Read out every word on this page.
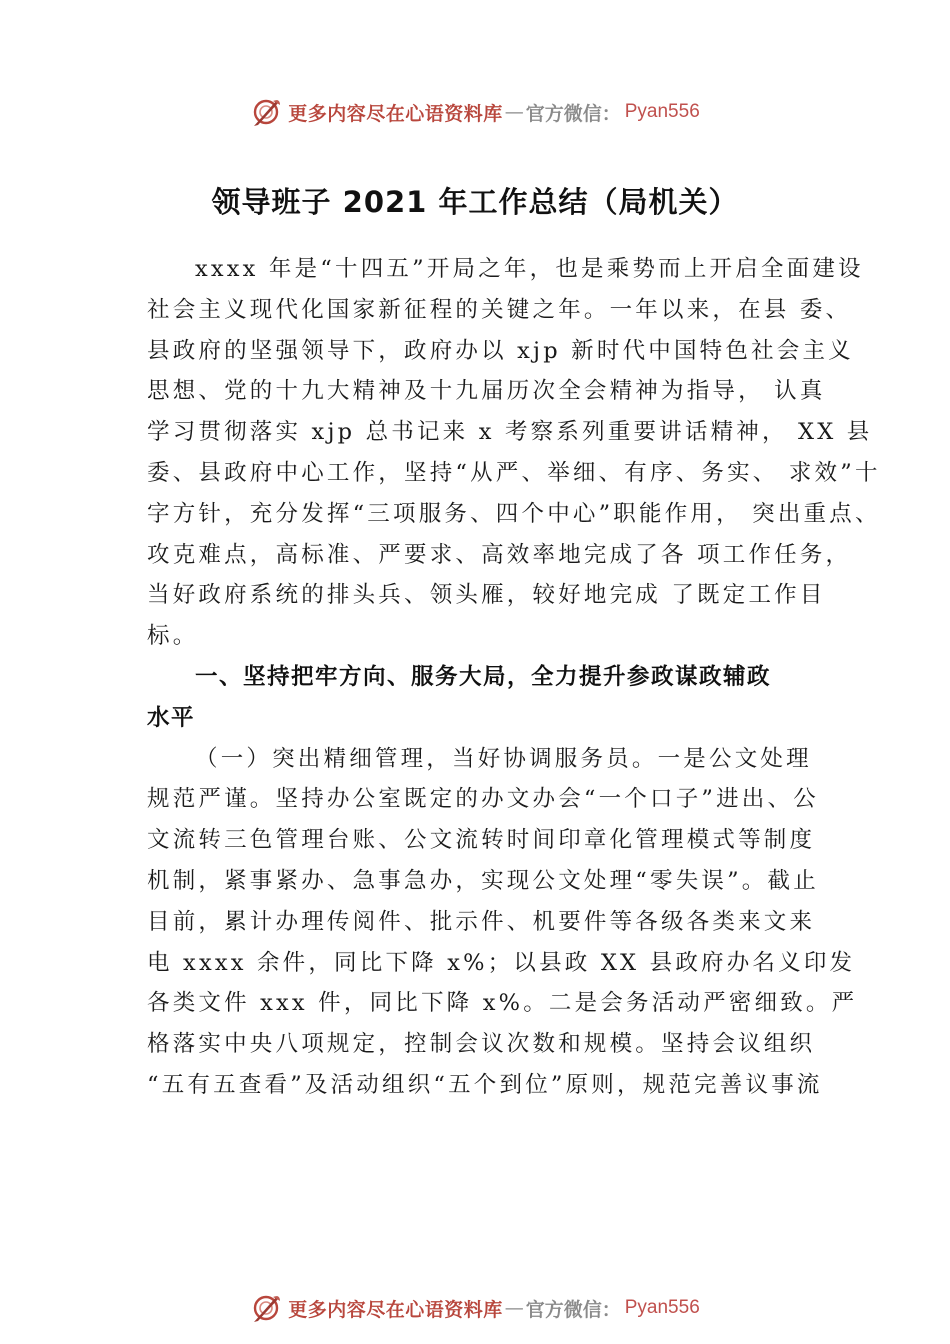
更多内容尽在心语资料库 — 官方微信： Pyan556
领导班子 2021 年工作总结（局机关）
xxxx 年是“十四五”开局之年，也是乘势而上开启全面建设
社会主义现代化国家新征程的关键之年。一年以来，在县 委、
县政府的坚强领导下，政府办以 xjp 新时代中国特色社会主义
思想、党的十九大精神及十九届历次全会精神为指导， 认真
学习贯彻落实 xjp 总书记来 x 考察系列重要讲话精神， XX 县
委、县政府中心工作，坚持“从严、举细、有序、务实、 求效”十
字方针，充分发挥“三项服务、四个中心”职能作用， 突出重点、
攻克难点，高标准、严要求、高效率地完成了各 项工作任务，
当好政府系统的排头兵、领头雁，较好地完成 了既定工作目
标。
一、坚持把牢方向、服务大局，全力提升参政谋政辅政
水平
（一）突出精细管理，当好协调服务员。一是公文处理
规范严谨。坚持办公室既定的办文办会“一个口子”进出、公
文流转三色管理台账、公文流转时间印章化管理模式等制度
机制，紧事紧办、急事急办，实现公文处理“零失误”。截止
目前，累计办理传阅件、批示件、机要件等各级各类来文来
电 xxxx 余件，同比下降 x%；以县政 XX 县政府办名义印发
各类文件 xxx 件，同比下降 x%。二是会务活动严密细致。严
格落实中央八项规定，控制会议次数和规模。坚持会议组织
“五有五查看”及活动组织“五个到位”原则，规范完善议事流
更多内容尽在心语资料库 — 官方微信： Pyan556
